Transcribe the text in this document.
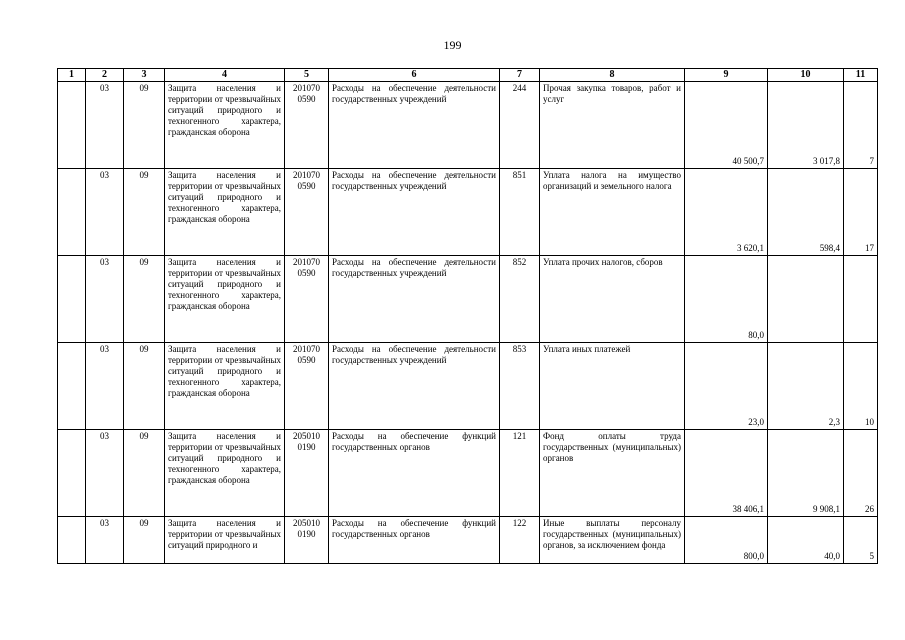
199
1	2	3	4	5	6	7	8	9	10	11
	03	09	Защита населения и территории от чрезвычайных ситуаций природного и техногенного характера, гражданская оборона	201070 0590	Расходы на обеспечение деятельности государственных учреждений	244	Прочая закупка товаров, работ и услуг	40 500,7	3 017,8	7
	03	09	Защита населения и территории от чрезвычайных ситуаций природного и техногенного характера, гражданская оборона	201070 0590	Расходы на обеспечение деятельности государственных учреждений	851	Уплата налога на имущество организаций и земельного налога	3 620,1	598,4	17
	03	09	Защита населения и территории от чрезвычайных ситуаций природного и техногенного характера, гражданская оборона	201070 0590	Расходы на обеспечение деятельности государственных учреждений	852	Уплата прочих налогов, сборов	80,0		
	03	09	Защита населения и территории от чрезвычайных ситуаций природного и техногенного характера, гражданская оборона	201070 0590	Расходы на обеспечение деятельности государственных учреждений	853	Уплата иных платежей	23,0	2,3	10
	03	09	Защита населения и территории от чрезвычайных ситуаций природного и техногенного характера, гражданская оборона	205010 0190	Расходы на обеспечение функций государственных органов	121	Фонд оплаты труда государственных (муниципальных) органов	38 406,1	9 908,1	26
	03	09	Защита населения и территории от чрезвычайных ситуаций природного и	205010 0190	Расходы на обеспечение функций государственных органов	122	Иные выплаты персоналу государственных (муниципальных) органов, за исключением фонда	800,0	40,0	5
